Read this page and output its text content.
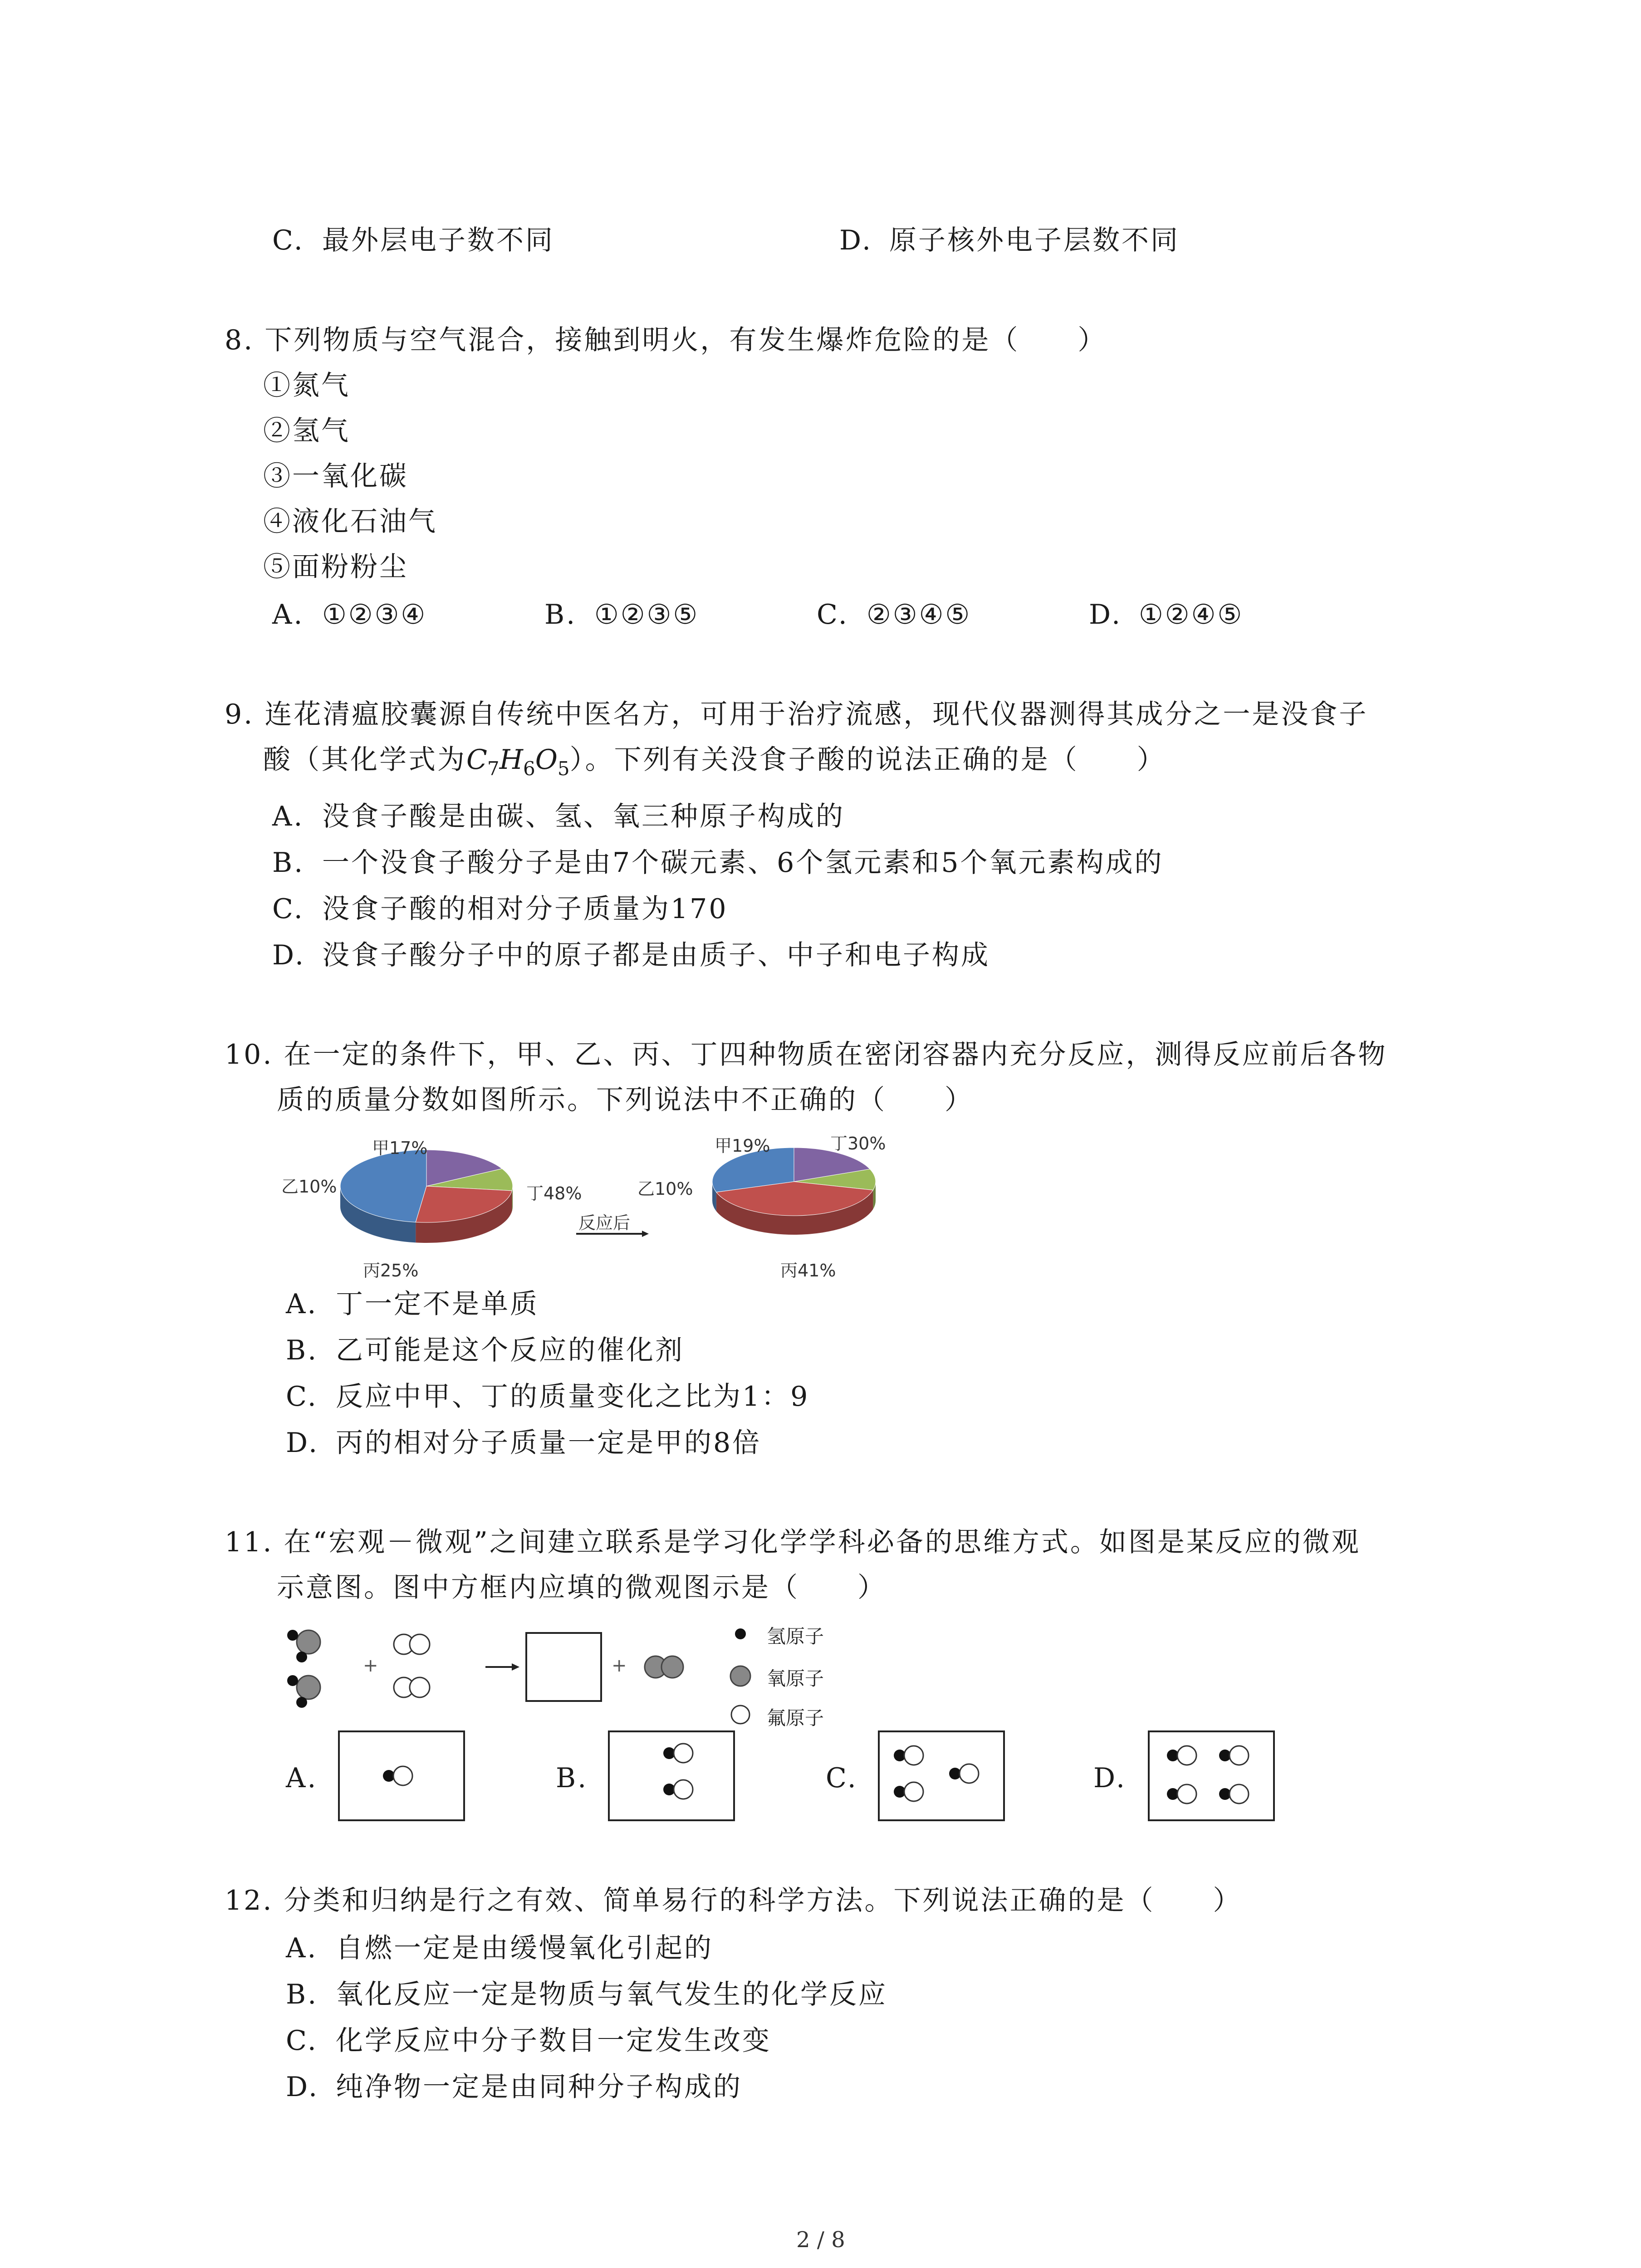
C. 最外层电子数不同	D. 原子核外电子层数不同
8. 下列物质与空气混合，接触到明火，有发生爆炸危险的是（　　）
①氮气
②氢气
③一氧化碳
④液化石油气
⑤面粉粉尘
A. ①②③④	B. ①②③⑤	C. ②③④⑤	D. ①②④⑤
9. 连花清瘟胶囊源自传统中医名方，可用于治疗流感，现代仪器测得其成分之一是没食子
酸（其化学式为$C_7H_6O_5$）。下列有关没食子酸的说法正确的是（　　）
A. 没食子酸是由碳、氢、氧三种原子构成的
B. 一个没食子酸分子是由7个碳元素、6个氢元素和5个氧元素构成的
C. 没食子酸的相对分子质量为170
D. 没食子酸分子中的原子都是由质子、中子和电子构成
10. 在一定的条件下，甲、乙、丙、丁四种物质在密闭容器内充分反应，测得反应前后各物
质的质量分数如图所示。下列说法中不正确的（　　）
甲17%
乙10%
丙25%
丁48%
甲19%
乙10%
丙41%
丁30%
反应后
A. 丁一定不是单质
B. 乙可能是这个反应的催化剂
C. 反应中甲、丁的质量变化之比为1：9
D. 丙的相对分子质量一定是甲的8倍
11. 在“宏观－微观”之间建立联系是学习化学学科必备的思维方式。如图是某反应的微观
示意图。图中方框内应填的微观图示是（　　）
+	+
氢原子
氧原子
氟原子
A.	B.	C.	D.
12. 分类和归纳是行之有效、简单易行的科学方法。下列说法正确的是（　　）
A. 自燃一定是由缓慢氧化引起的
B. 氧化反应一定是物质与氧气发生的化学反应
C. 化学反应中分子数目一定发生改变
D. 纯净物一定是由同种分子构成的
2 / 8
